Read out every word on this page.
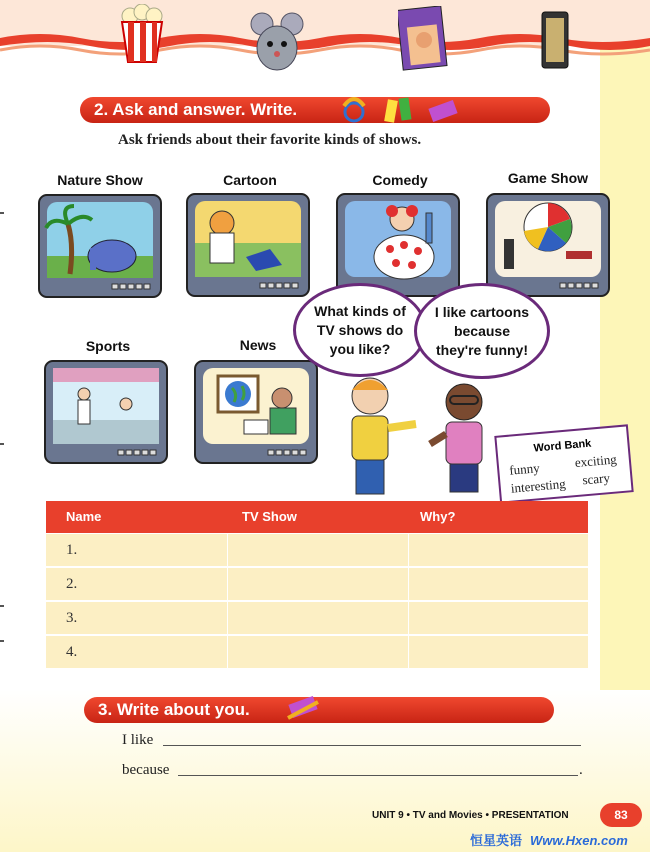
2. Ask and answer. Write.
Ask friends about their favorite kinds of shows.
Nature Show	Cartoon	Comedy	Game Show
Sports	News
What kinds of TV shows do you like?
I like cartoons because they're funny!
Word Bank
funny	exciting
interesting scary
Name	TV Show	Why?
1.
2.
3.
4.
3. Write about you.
I like
because	.
UNIT 9 • TV and Movies • PRESENTATION	83
恒星英语 Www.Hxen.com
